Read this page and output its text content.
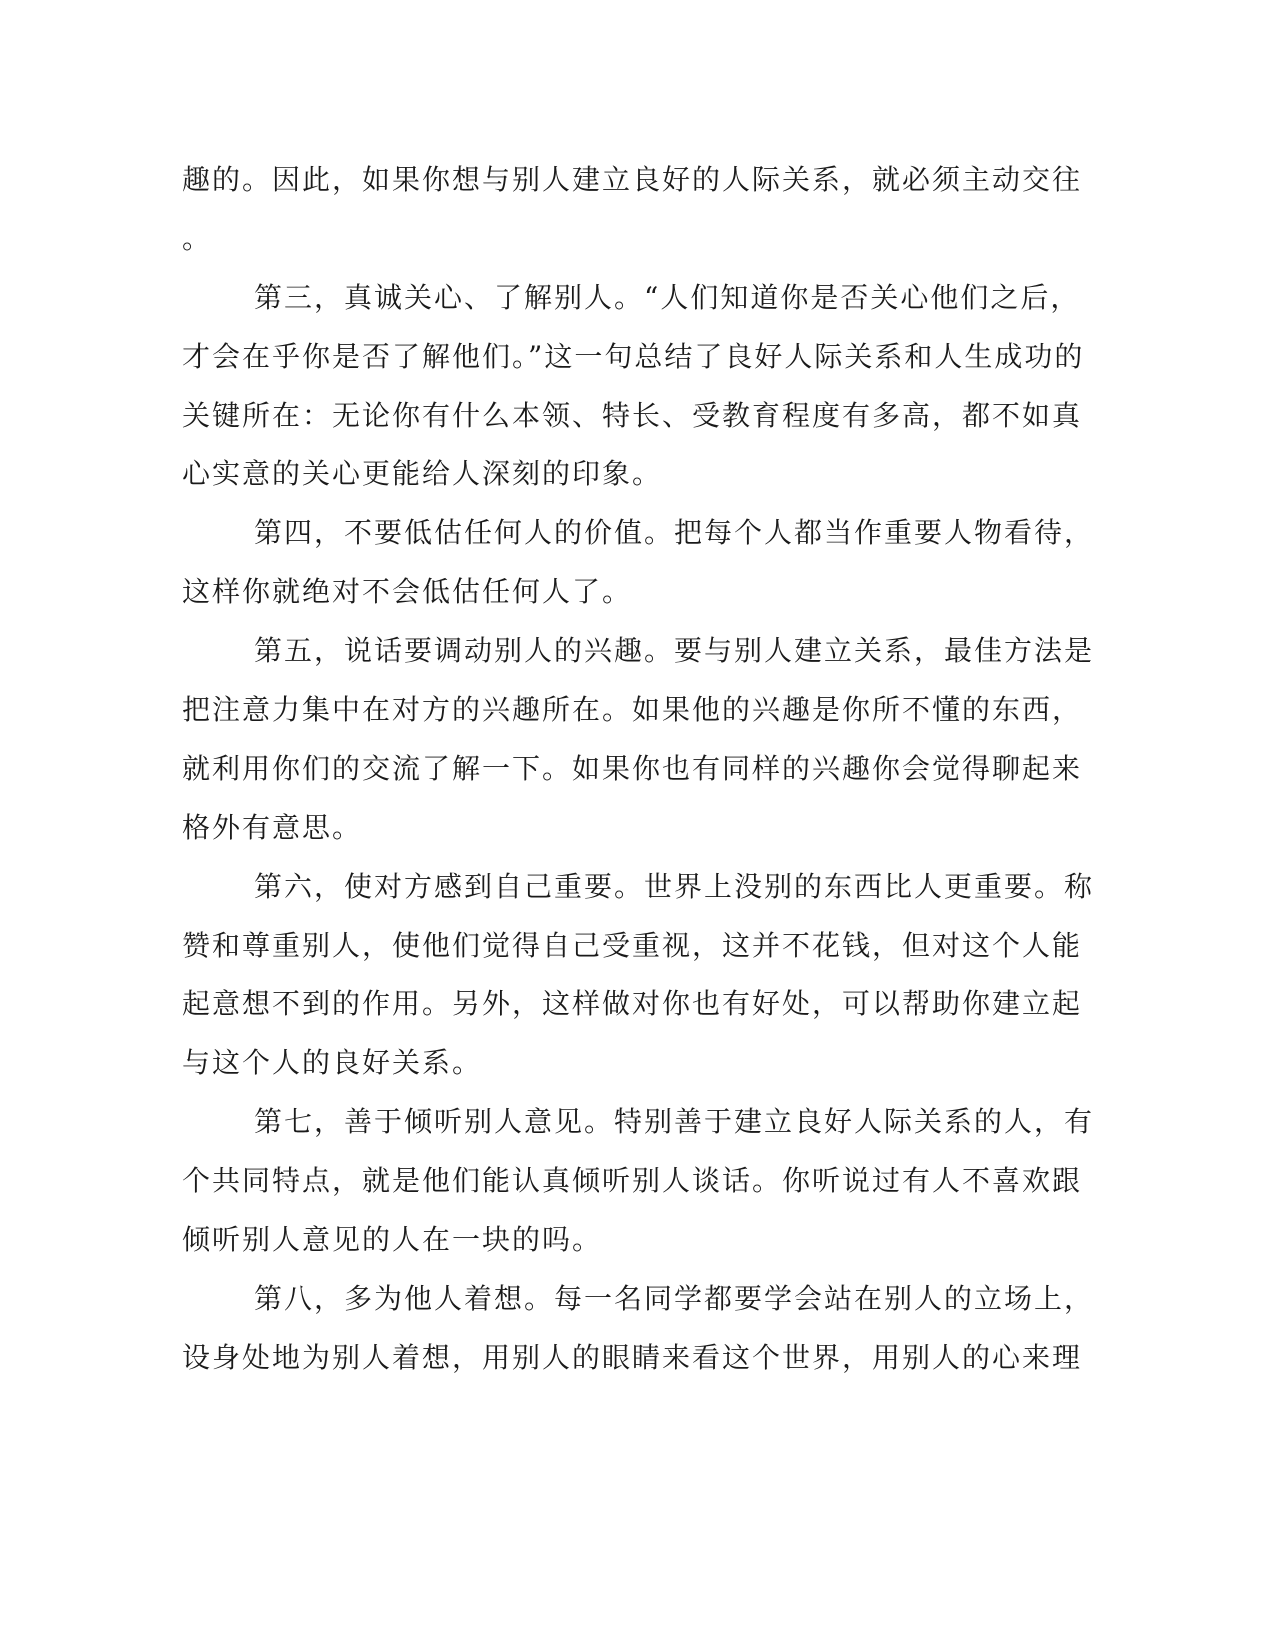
趣的。因此，如果你想与别人建立良好的人际关系，就必须主动交往
。
第三，真诚关心、了解别人。“人们知道你是否关心他们之后，
才会在乎你是否了解他们。”这一句总结了良好人际关系和人生成功的
关键所在：无论你有什么本领、特长、受教育程度有多高，都不如真
心实意的关心更能给人深刻的印象。
第四，不要低估任何人的价值。把每个人都当作重要人物看待，
这样你就绝对不会低估任何人了。
第五，说话要调动别人的兴趣。要与别人建立关系，最佳方法是
把注意力集中在对方的兴趣所在。如果他的兴趣是你所不懂的东西，
就利用你们的交流了解一下。如果你也有同样的兴趣你会觉得聊起来
格外有意思。
第六，使对方感到自己重要。世界上没别的东西比人更重要。称
赞和尊重别人，使他们觉得自己受重视，这并不花钱，但对这个人能
起意想不到的作用。另外，这样做对你也有好处，可以帮助你建立起
与这个人的良好关系。
第七，善于倾听别人意见。特别善于建立良好人际关系的人，有
个共同特点，就是他们能认真倾听别人谈话。你听说过有人不喜欢跟
倾听别人意见的人在一块的吗。
第八，多为他人着想。每一名同学都要学会站在别人的立场上，
设身处地为别人着想，用别人的眼睛来看这个世界，用别人的心来理
